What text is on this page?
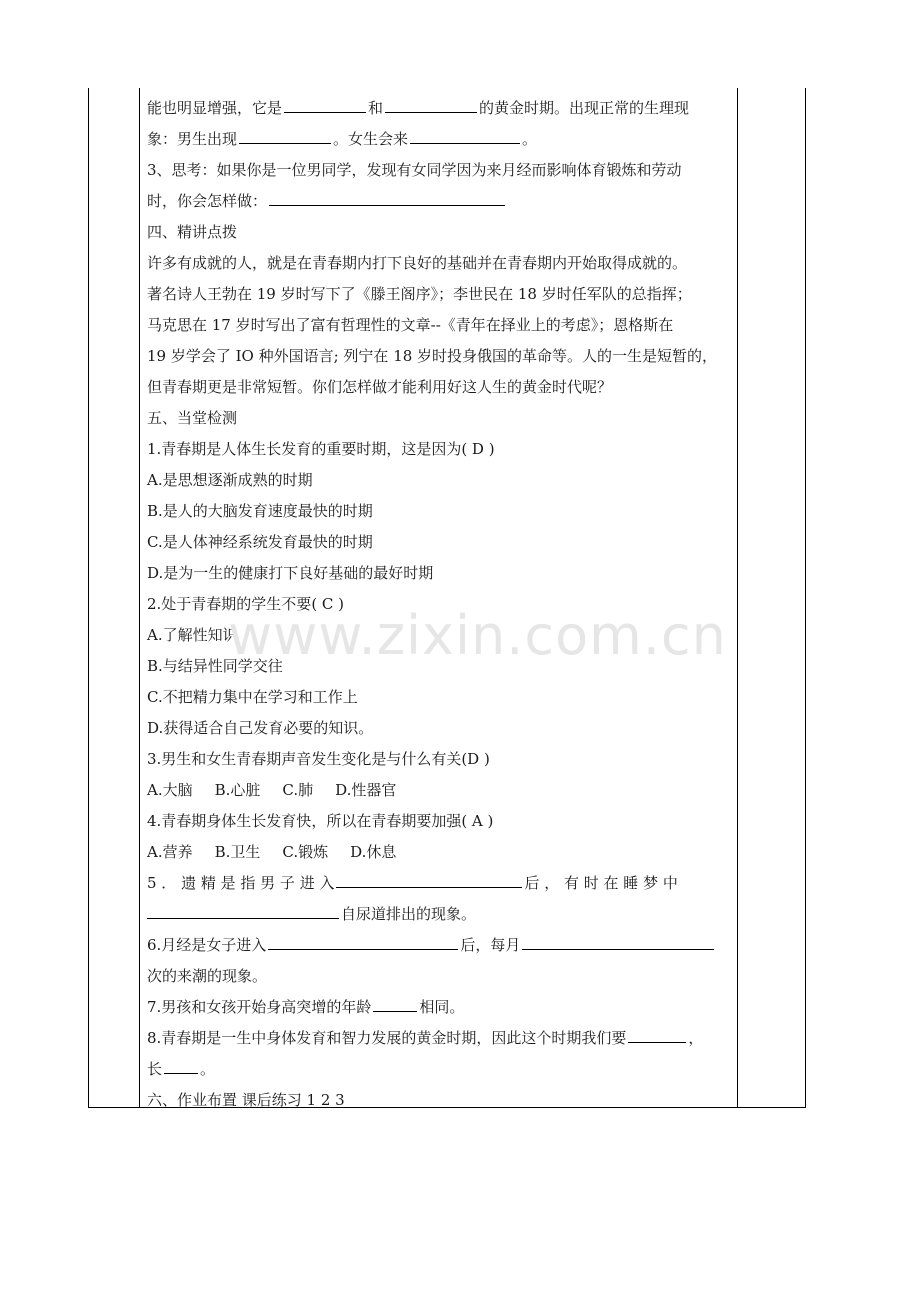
能也明显增强，它是	和	的黄金时期。出现正常的生理现
象：男生出现	。女生会来	。
3、思考：如果你是一位男同学，发现有女同学因为来月经而影响体育锻炼和劳动
时，你会怎样做：
四、精讲点拨
许多有成就的人，就是在青春期内打下良好的基础并在青春期内开始取得成就的。
著名诗人王勃在 19 岁时写下了《滕王阁序》；李世民在 18 岁时任军队的总指挥；
马克思在 17 岁时写出了富有哲理性的文章--《青年在择业上的考虑》；恩格斯在
19 岁学会了 IO 种外国语言; 列宁在 18 岁时投身俄国的革命等。人的一生是短暂的，
但青春期更是非常短暂。你们怎样做才能利用好这人生的黄金时代呢？
五、当堂检测
1.青春期是人体生长发育的重要时期，这是因为( D )
A.是思想逐渐成熟的时期
B.是人的大脑发育速度最快的时期
C.是人体神经系统发育最快的时期
D.是为一生的健康打下良好基础的最好时期
2.处于青春期的学生不要( C )
A.了解性知识
B.与结异性同学交往
C.不把精力集中在学习和工作上
D.获得适合自己发育必要的知识。
3.男生和女生青春期声音发生变化是与什么有关(D )
A.大脑 B.心脏 C.肺 D.性器官
4.青春期身体生长发育快，所以在青春期要加强( A )
A.营养 B.卫生 C.锻炼 D.休息
5 ． 遗 精 是 指 男 子 进 入	后 ， 有 时 在 睡 梦 中
自尿道排出的现象。
6.月经是女子进入	后，每月
次的来潮的现象。
7.男孩和女孩开始身高突增的年龄	相同。
8.青春期是一生中身体发育和智力发展的黄金时期，因此这个时期我们要	，
长	。
六、作业布置 课后练习 1 2 3
www.zixin.com.cn
